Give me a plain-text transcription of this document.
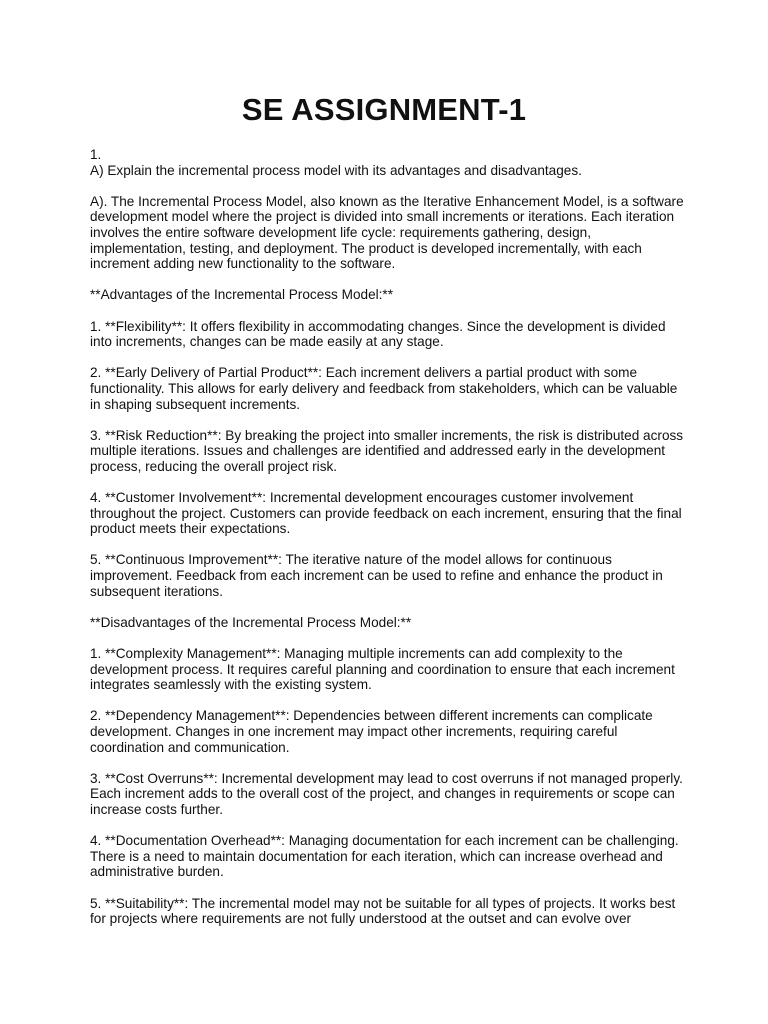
SE ASSIGNMENT-1

1.

A) Explain the incremental process model with its advantages and disadvantages.

A). The Incremental Process Model, also known as the Iterative Enhancement Model, is a software development model where the project is divided into small increments or iterations. Each iteration involves the entire software development life cycle: requirements gathering, design, implementation, testing, and deployment. The product is developed incrementally, with each increment adding new functionality to the software.

**Advantages of the Incremental Process Model:**

1. **Flexibility**: It offers flexibility in accommodating changes. Since the development is divided into increments, changes can be made easily at any stage.

2. **Early Delivery of Partial Product**: Each increment delivers a partial product with some functionality. This allows for early delivery and feedback from stakeholders, which can be valuable in shaping subsequent increments.

3. **Risk Reduction**: By breaking the project into smaller increments, the risk is distributed across multiple iterations. Issues and challenges are identified and addressed early in the development process, reducing the overall project risk.

4. **Customer Involvement**: Incremental development encourages customer involvement throughout the project. Customers can provide feedback on each increment, ensuring that the final product meets their expectations.

5. **Continuous Improvement**: The iterative nature of the model allows for continuous improvement. Feedback from each increment can be used to refine and enhance the product in subsequent iterations.

**Disadvantages of the Incremental Process Model:**

1. **Complexity Management**: Managing multiple increments can add complexity to the development process. It requires careful planning and coordination to ensure that each increment integrates seamlessly with the existing system.

2. **Dependency Management**: Dependencies between different increments can complicate development. Changes in one increment may impact other increments, requiring careful coordination and communication.

3. **Cost Overruns**: Incremental development may lead to cost overruns if not managed properly. Each increment adds to the overall cost of the project, and changes in requirements or scope can increase costs further.

4. **Documentation Overhead**: Managing documentation for each increment can be challenging. There is a need to maintain documentation for each iteration, which can increase overhead and administrative burden.

5. **Suitability**: The incremental model may not be suitable for all types of projects. It works best for projects where requirements are not fully understood at the outset and can evolve over
